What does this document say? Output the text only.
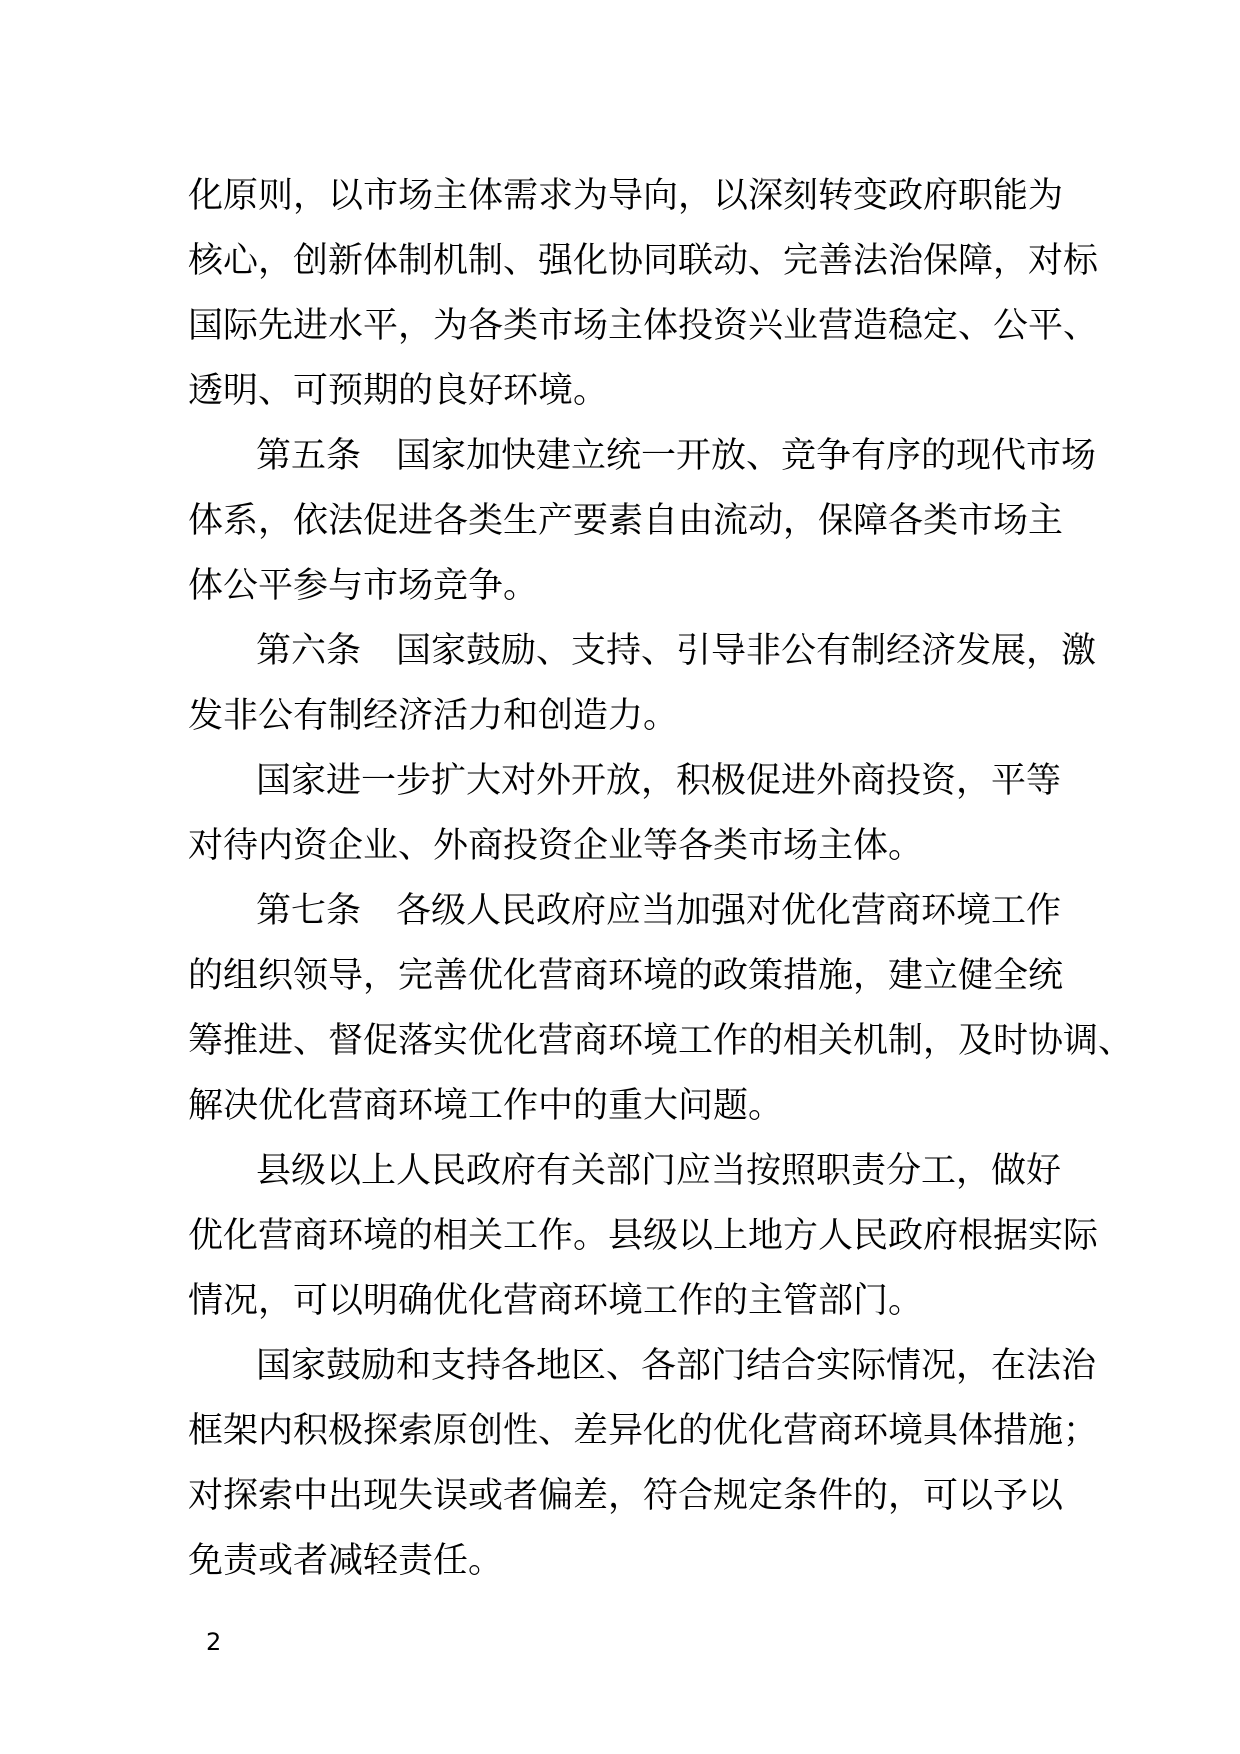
化原则，以市场主体需求为导向，以深刻转变政府职能为
核心，创新体制机制、强化协同联动、完善法治保障，对标
国际先进水平，为各类市场主体投资兴业营造稳定、公平、
透明、可预期的良好环境。
第五条 国家加快建立统一开放、竞争有序的现代市场
体系，依法促进各类生产要素自由流动，保障各类市场主
体公平参与市场竞争。
第六条 国家鼓励、支持、引导非公有制经济发展，激
发非公有制经济活力和创造力。
国家进一步扩大对外开放，积极促进外商投资，平等
对待内资企业、外商投资企业等各类市场主体。
第七条 各级人民政府应当加强对优化营商环境工作
的组织领导，完善优化营商环境的政策措施，建立健全统
筹推进、督促落实优化营商环境工作的相关机制，及时协调、
解决优化营商环境工作中的重大问题。
县级以上人民政府有关部门应当按照职责分工，做好
优化营商环境的相关工作。县级以上地方人民政府根据实际
情况，可以明确优化营商环境工作的主管部门。
国家鼓励和支持各地区、各部门结合实际情况，在法治
框架内积极探索原创性、差异化的优化营商环境具体措施；
对探索中出现失误或者偏差，符合规定条件的，可以予以
免责或者减轻责任。
2
